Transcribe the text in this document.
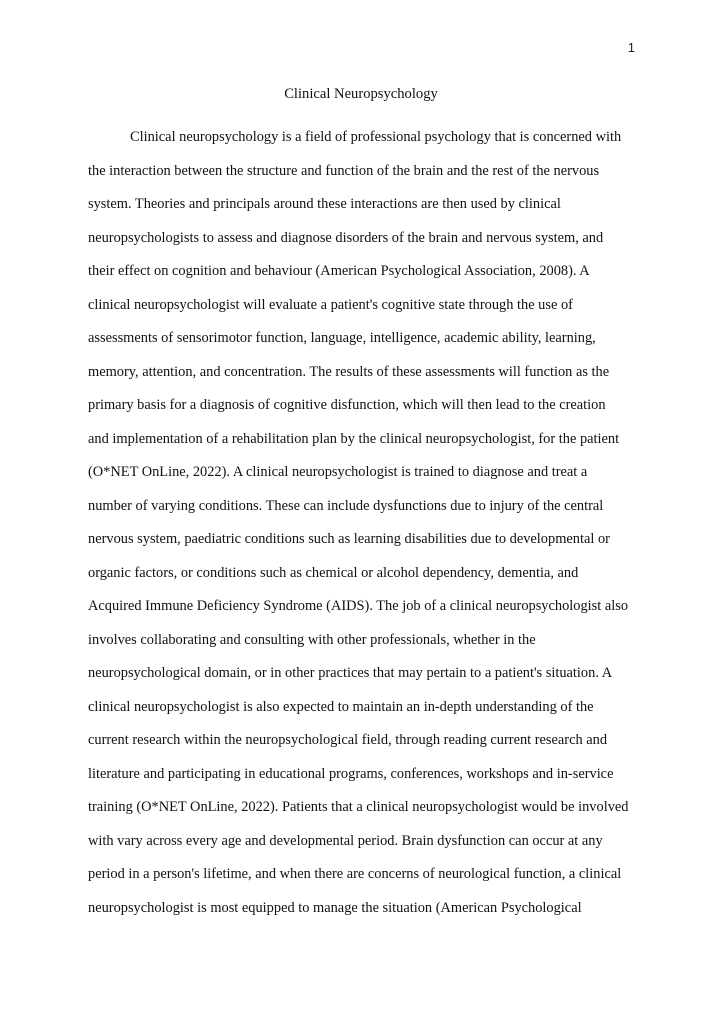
1
Clinical Neuropsychology
Clinical neuropsychology is a field of professional psychology that is concerned with
the interaction between the structure and function of the brain and the rest of the nervous
system. Theories and principals around these interactions are then used by clinical
neuropsychologists to assess and diagnose disorders of the brain and nervous system, and
their effect on cognition and behaviour (American Psychological Association, 2008). A
clinical neuropsychologist will evaluate a patient's cognitive state through the use of
assessments of sensorimotor function, language, intelligence, academic ability, learning,
memory, attention, and concentration. The results of these assessments will function as the
primary basis for a diagnosis of cognitive disfunction, which will then lead to the creation
and implementation of a rehabilitation plan by the clinical neuropsychologist, for the patient
(O*NET OnLine, 2022). A clinical neuropsychologist is trained to diagnose and treat a
number of varying conditions. These can include dysfunctions due to injury of the central
nervous system, paediatric conditions such as learning disabilities due to developmental or
organic factors, or conditions such as chemical or alcohol dependency, dementia, and
Acquired Immune Deficiency Syndrome (AIDS). The job of a clinical neuropsychologist also
involves collaborating and consulting with other professionals, whether in the
neuropsychological domain, or in other practices that may pertain to a patient's situation. A
clinical neuropsychologist is also expected to maintain an in-depth understanding of the
current research within the neuropsychological field, through reading current research and
literature and participating in educational programs, conferences, workshops and in-service
training (O*NET OnLine, 2022). Patients that a clinical neuropsychologist would be involved
with vary across every age and developmental period. Brain dysfunction can occur at any
period in a person's lifetime, and when there are concerns of neurological function, a clinical
neuropsychologist is most equipped to manage the situation (American Psychological
